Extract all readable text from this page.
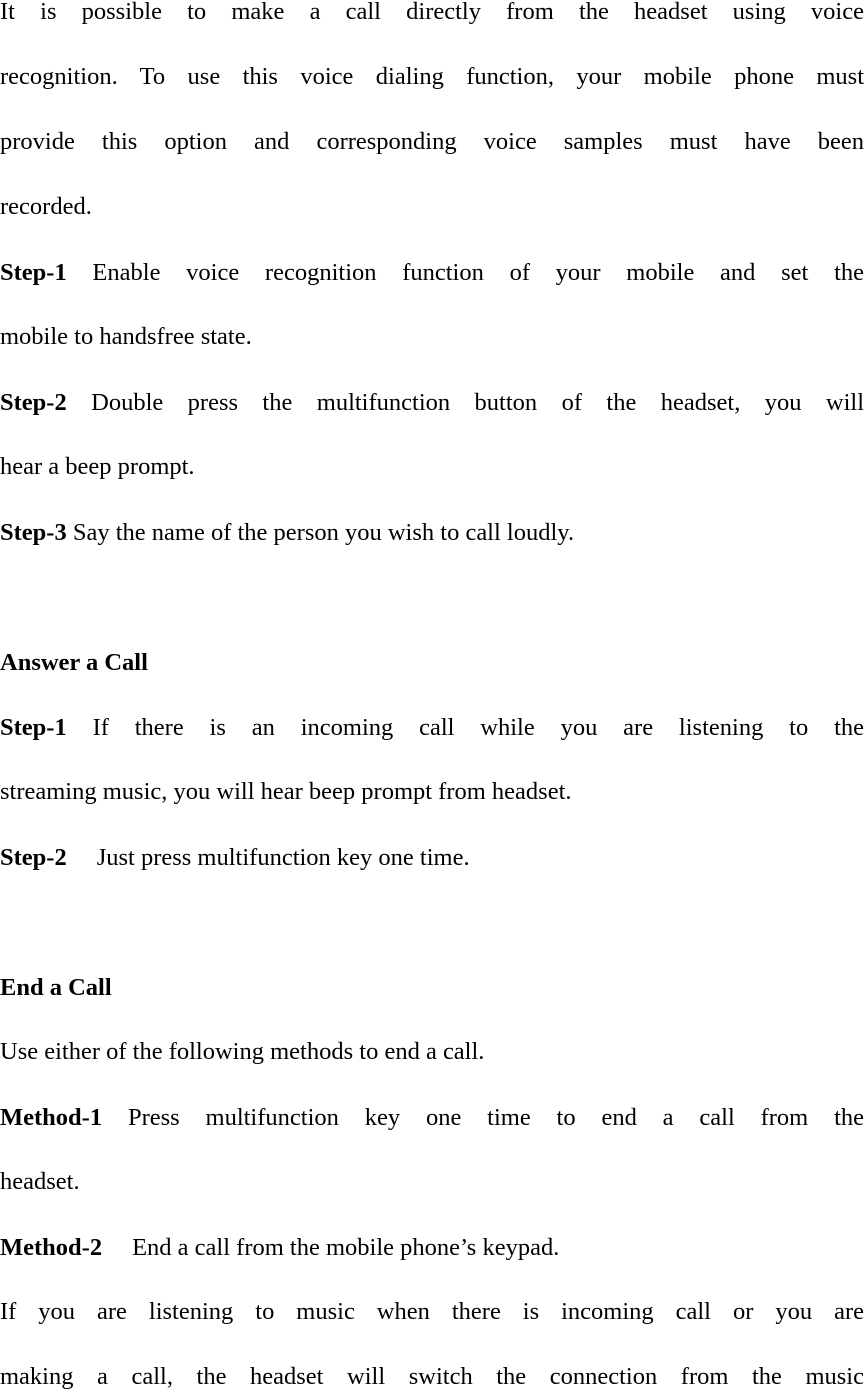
It is possible to make a call directly from the headset using voice
recognition. To use this voice dialing function, your mobile phone must
provide this option and corresponding voice samples must have been
recorded.
Step-1 Enable voice recognition function of your mobile and set the
mobile to handsfree state.
Step-2 Double press the multifunction button of the headset, you will
hear a beep prompt.
Step-3 Say the name of the person you wish to call loudly.
Answer a Call
Step-1 If there is an incoming call while you are listening to the
streaming music, you will hear beep prompt from headset.
Step-2 Just press multifunction key one time.
End a Call
Use either of the following methods to end a call.
Method-1 Press multifunction key one time to end a call from the
headset.
Method-2 End a call from the mobile phone’s keypad.
If you are listening to music when there is incoming call or you are
making a call, the headset will switch the connection from the music
